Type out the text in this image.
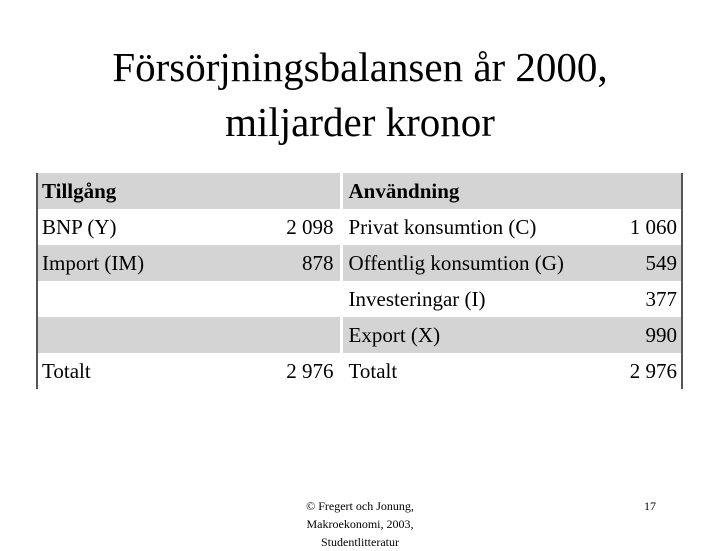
Försörjningsbalansen år 2000,
miljarder kronor
Tillgång		Användning	
BNP (Y)	2 098	Privat konsumtion (C)	1 060
Import (IM)	878	Offentlig konsumtion (G)	549
		Investeringar (I)	377
		Export (X)	990
Totalt	2 976	Totalt	2 976
© Fregert och Jonung,
Makroekonomi, 2003,
Studentlitteratur
17
